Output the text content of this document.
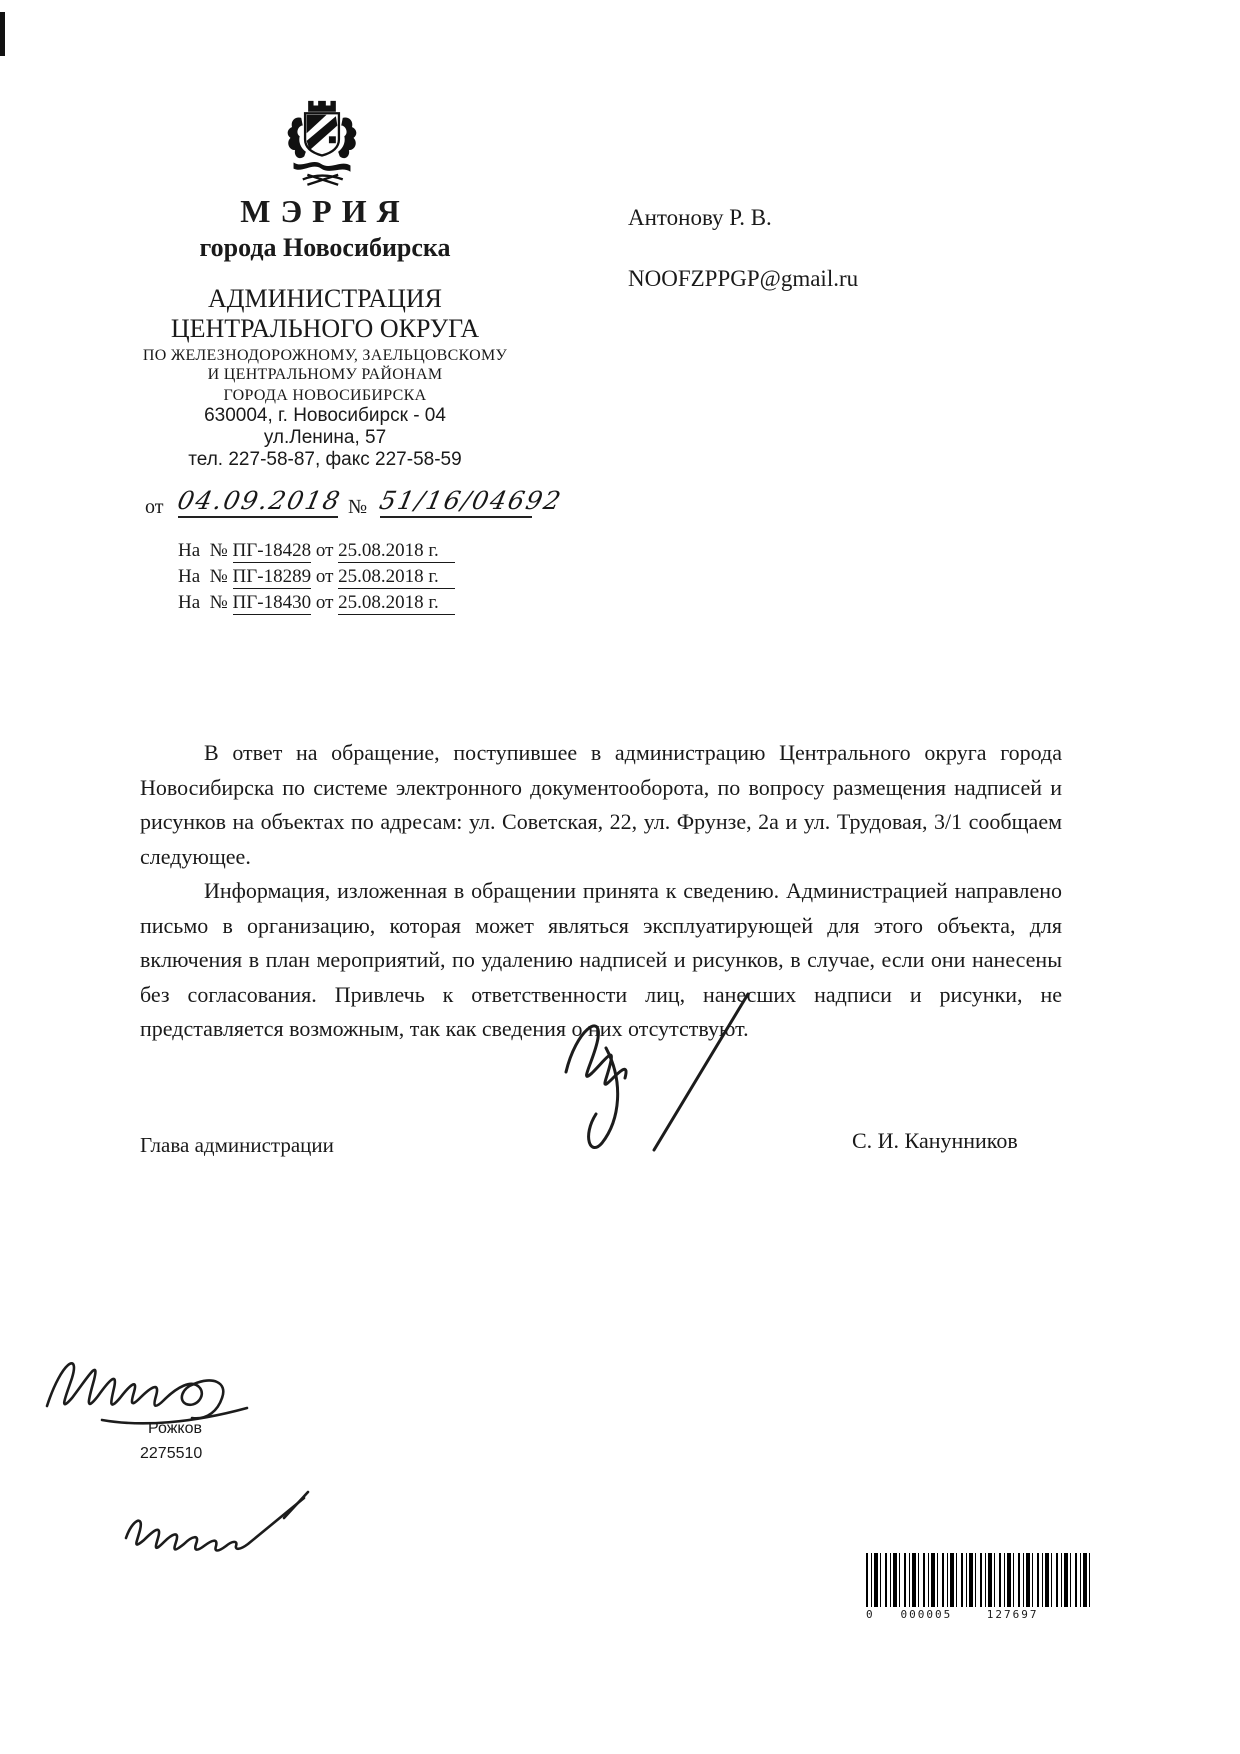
МЭРИЯ
города Новосибирска
АДМИНИСТРАЦИЯ
ЦЕНТРАЛЬНОГО ОКРУГА
ПО ЖЕЛЕЗНОДОРОЖНОМУ, ЗАЕЛЬЦОВСКОМУ
И ЦЕНТРАЛЬНОМУ РАЙОНАМ
ГОРОДА НОВОСИБИРСКА
630004, г. Новосибирск - 04
ул.Ленина, 57
тел. 227-58-87, факс 227-58-59
Антонову Р. В.
NOOFZPPGP@gmail.ru
от 04.09.2018 № 51/16/04692
На  № ПГ-18428 от 25.08.2018 г.
На  № ПГ-18289 от 25.08.2018 г.
На  № ПГ-18430 от 25.08.2018 г.

В ответ на обращение, поступившее в администрацию Центрального округа города Новосибирска по системе электронного документооборота, по вопросу размещения надписей и рисунков на объектах по адресам: ул. Советская, 22, ул. Фрунзе, 2а и ул. Трудовая, 3/1 сообщаем следующее.

Информация, изложенная в обращении принята к сведению. Администрацией направлено письмо в организацию, которая может являться эксплуатирующей для этого объекта, для включения в план мероприятий, по удалению надписей и рисунков, в случае, если они нанесены без согласования. Привлечь к ответственности лиц, нанесших надписи и рисунки, не представляется возможным, так как сведения о них отсутствуют.

Глава администрации	С. И. Канунников
Рожков
2275510
0   000005    127697
